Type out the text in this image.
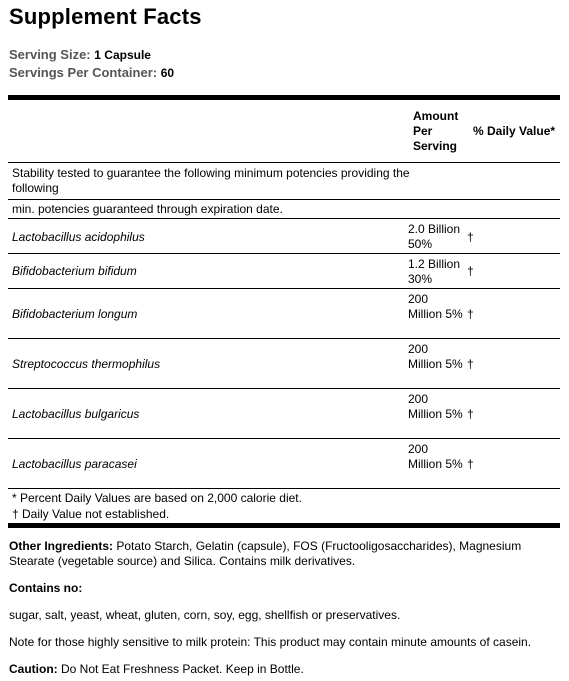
Supplement Facts
Serving Size: 1 Capsule
Servings Per Container: 60
Amount
Per
Serving
% Daily Value*
Stability tested to guarantee the following minimum potencies providing the following
min. potencies guaranteed through expiration date.
Lactobacillus acidophilus
2.0 Billion
50%	†
Bifidobacterium bifidum	1.2 Billion
30%
†
Bifidobacterium longum
200
Million 5% †
Streptococcus thermophilus
200
Million 5% †
Lactobacillus bulgaricus
200
Million 5% †
Lactobacillus paracasei
200
Million 5% †
* Percent Daily Values are based on 2,000 calorie diet.
† Daily Value not established.
Other Ingredients: Potato Starch, Gelatin (capsule), FOS (Fructooligosaccharides), Magnesium Stearate (vegetable source) and Silica. Contains milk derivatives.
Contains no:
sugar, salt, yeast, wheat, gluten, corn, soy, egg, shellfish or preservatives.
Note for those highly sensitive to milk protein: This product may contain minute amounts of casein.
Caution: Do Not Eat Freshness Packet. Keep in Bottle.
